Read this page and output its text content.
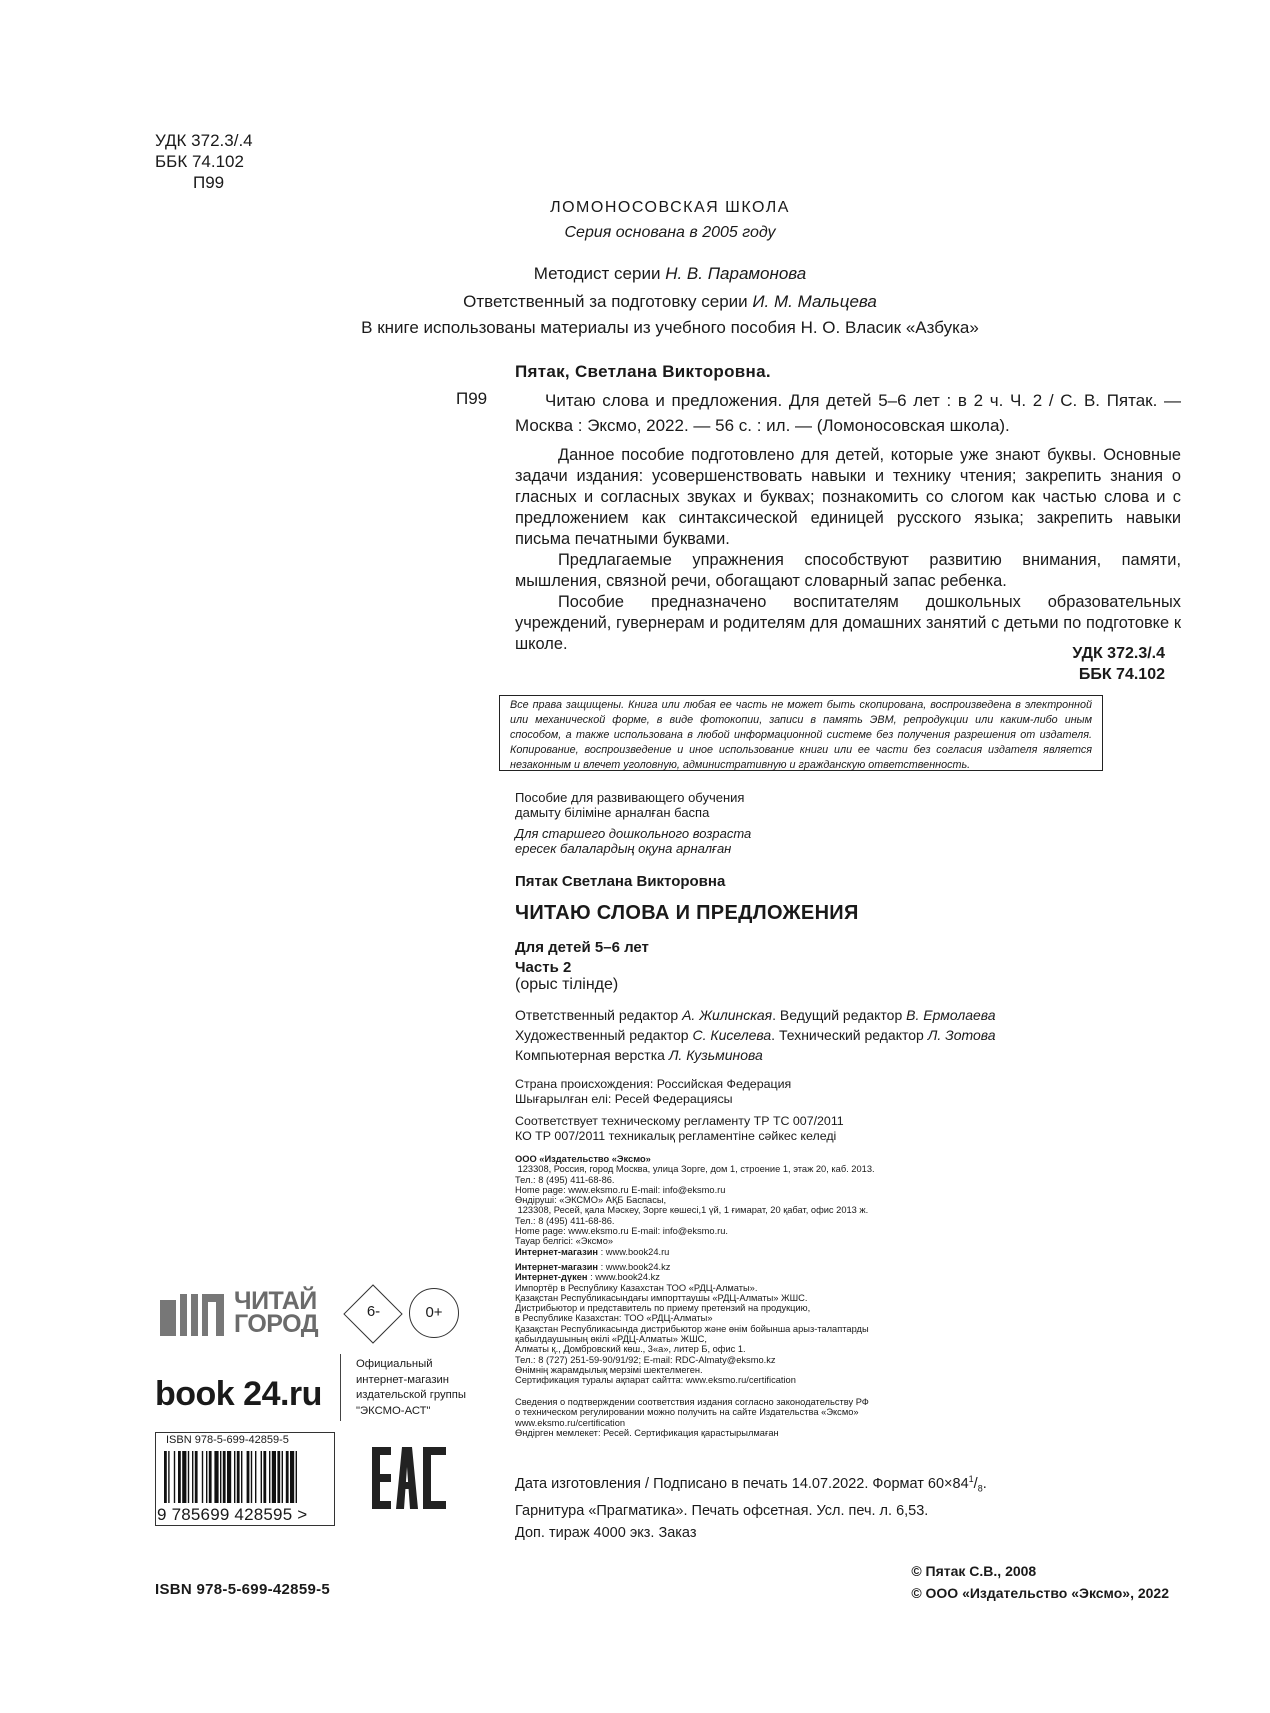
УДК 372.3/.4
ББК 74.102
П99
ЛОМОНОСОВСКАЯ ШКОЛА
Серия основана в 2005 году
Методист серии Н. В. Парамонова
Ответственный за подготовку серии И. М. Мальцева
В книге использованы материалы из учебного пособия Н. О. Власик «Азбука»
Пятак, Светлана Викторовна.
П99	Читаю слова и предложения. Для детей 5–6 лет : в 2 ч. Ч. 2 / С. В. Пятак. — Москва : Эксмо, 2022. — 56 с. : ил. — (Ломоносовская школа).

Данное пособие подготовлено для детей, которые уже знают буквы. Основные задачи издания: усовершенствовать навыки и технику чтения; закрепить знания о гласных и согласных звуках и буквах; познакомить со слогом как частью слова и с предложением как синтаксической единицей русского языка; закрепить навыки письма печатными буквами.

Предлагаемые упражнения способствуют развитию внимания, памяти, мышления, связной речи, обогащают словарный запас ребенка.

Пособие предназначено воспитателям дошкольных образовательных учреждений, гувернерам и родителям для домашних занятий с детьми по подготовке к школе.

УДК 372.3/.4
ББК 74.102
Все права защищены. Книга или любая ее часть не может быть скопирована, воспроизведена в электронной или механической форме, в виде фотокопии, записи в память ЭВМ, репродукции или каким-либо иным способом, а также использована в любой информационной системе без получения разрешения от издателя. Копирование, воспроизведение и иное использование книги или ее части без согласия издателя является незаконным и влечет уголовную, административную и гражданскую ответственность.
Пособие для развивающего обучения
дамыту біліміне арналған баспа
Для старшего дошкольного возраста
ересек балалардың оқуна арналған
Пятак Светлана Викторовна
ЧИТАЮ СЛОВА И ПРЕДЛОЖЕНИЯ
Для детей 5–6 лет
Часть 2
(орыс тілінде)
Ответственный редактор А. Жилинская. Ведущий редактор В. Ермолаева
Художественный редактор С. Киселева. Технический редактор Л. Зотова
Компьютерная верстка Л. Кузьминова
Страна происхождения: Российская Федерация
Шығарылған елі: Ресей Федерациясы
Соответствует техническому регламенту ТР ТС 007/2011
КО ТР 007/2011 техникалық регламентіне сәйкес келеді
ООО «Издательство «Эксмо»
123308, Россия, город Москва, улица Зорге, дом 1, строение 1, этаж 20, каб. 2013.
Тел.: 8 (495) 411-68-86.
Home page: www.eksmo.ru E-mail: info@eksmo.ru
Өндіруші: «ЭКСМО» АҚБ Баспасы,
123308, Ресей, қала Мәскеу, Зорге көшесі,1 үй, 1 ғимарат, 20 қабат, офис 2013 ж.
Тел.: 8 (495) 411-68-86.
Home page: www.eksmo.ru E-mail: info@eksmo.ru.
Тауар белгісі: «Эксмо»
Интернет-магазин : www.book24.ru
Интернет-магазин : www.book24.kz
Интернет-дүкен : www.book24.kz
Импортёр в Республику Казахстан ТОО «РДЦ-Алматы».
Қазақстан Республикасындағы импорттаушы «РДЦ-Алматы» ЖШС.
Дистрибьютор и представитель по приему претензий на продукцию,
в Республике Казахстан: ТОО «РДЦ-Алматы»
Қазақстан Республикасында дистрибьютор және өнім бойынша арыз-талаптарды
қабылдаушының өкілі «РДЦ-Алматы» ЖШС,
Алматы қ., Домбровский көш., 3«а», литер Б, офис 1.
Тел.: 8 (727) 251-59-90/91/92; E-mail: RDC-Almaty@eksmo.kz
Өнімнің жарамдылық мерзімі шектелмеген.
Сертификация туралы ақпарат сайтта: www.eksmo.ru/certification
Сведения о подтверждении соответствия издания согласно законодательству РФ
о техническом регулировании можно получить на сайте Издательства «Эксмо»
www.eksmo.ru/certification
Өндірген мемлекет: Ресей. Сертификация қарастырылмаған
Дата изготовления / Подписано в печать 14.07.2022. Формат $60\times 84^1/_8$.
Гарнитура «Прагматика». Печать офсетная. Усл. печ. л. 6,53.
Доп. тираж 4000 экз. Заказ
© Пятак С.В., 2008
© ООО «Издательство «Эксмо», 2022
ISBN 978-5-699-42859-5
ЧИТАЙ
ГОРОД	6-	0+
book 24.ru
Официальный
интернет-магазин
издательской группы
"ЭКСМО-АСТ"
ISBN 978-5-699-42859-5
9 785699 428595 >
